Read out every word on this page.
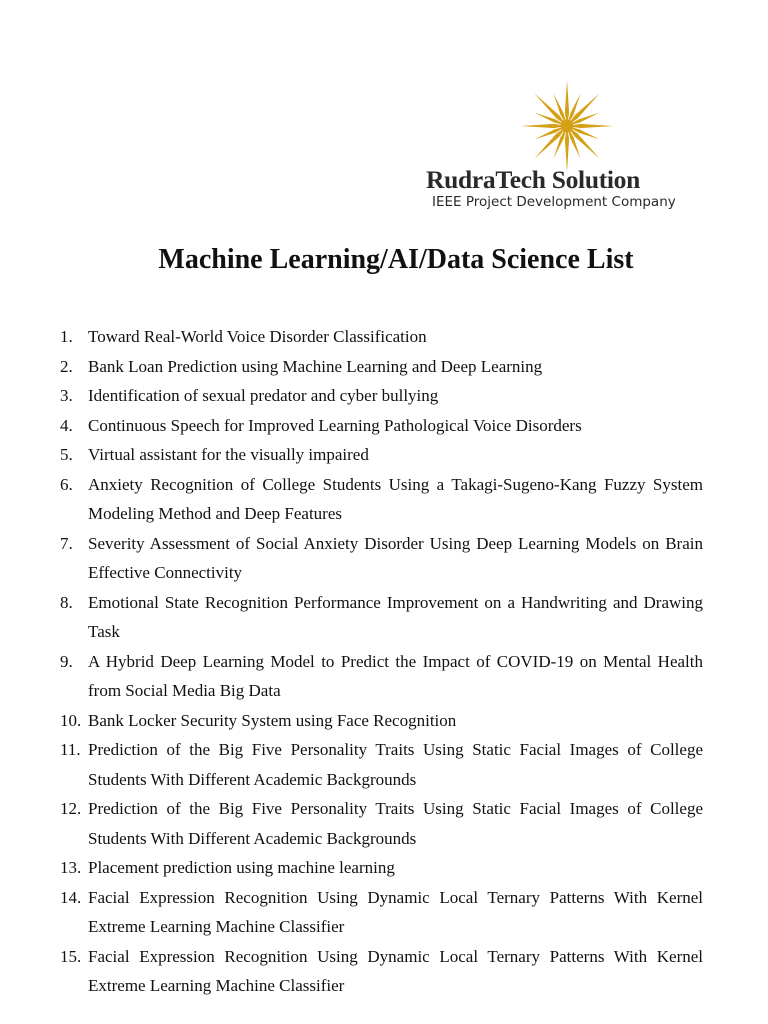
RudraTech Solution
IEEE Project Development Company
Machine Learning/AI/Data Science List
1. Toward Real-World Voice Disorder Classification
2. Bank Loan Prediction using Machine Learning and Deep Learning
3. Identification of sexual predator and cyber bullying
4. Continuous Speech for Improved Learning Pathological Voice Disorders
5. Virtual assistant for the visually impaired
6. Anxiety Recognition of College Students Using a Takagi-Sugeno-Kang Fuzzy System Modeling Method and Deep Features
7. Severity Assessment of Social Anxiety Disorder Using Deep Learning Models on Brain Effective Connectivity
8. Emotional State Recognition Performance Improvement on a Handwriting and Drawing Task
9. A Hybrid Deep Learning Model to Predict the Impact of COVID-19 on Mental Health from Social Media Big Data
10. Bank Locker Security System using Face Recognition
11. Prediction of the Big Five Personality Traits Using Static Facial Images of College Students With Different Academic Backgrounds
12. Prediction of the Big Five Personality Traits Using Static Facial Images of College Students With Different Academic Backgrounds
13. Placement prediction using machine learning
14. Facial Expression Recognition Using Dynamic Local Ternary Patterns With Kernel Extreme Learning Machine Classifier
15. Facial Expression Recognition Using Dynamic Local Ternary Patterns With Kernel Extreme Learning Machine Classifier
